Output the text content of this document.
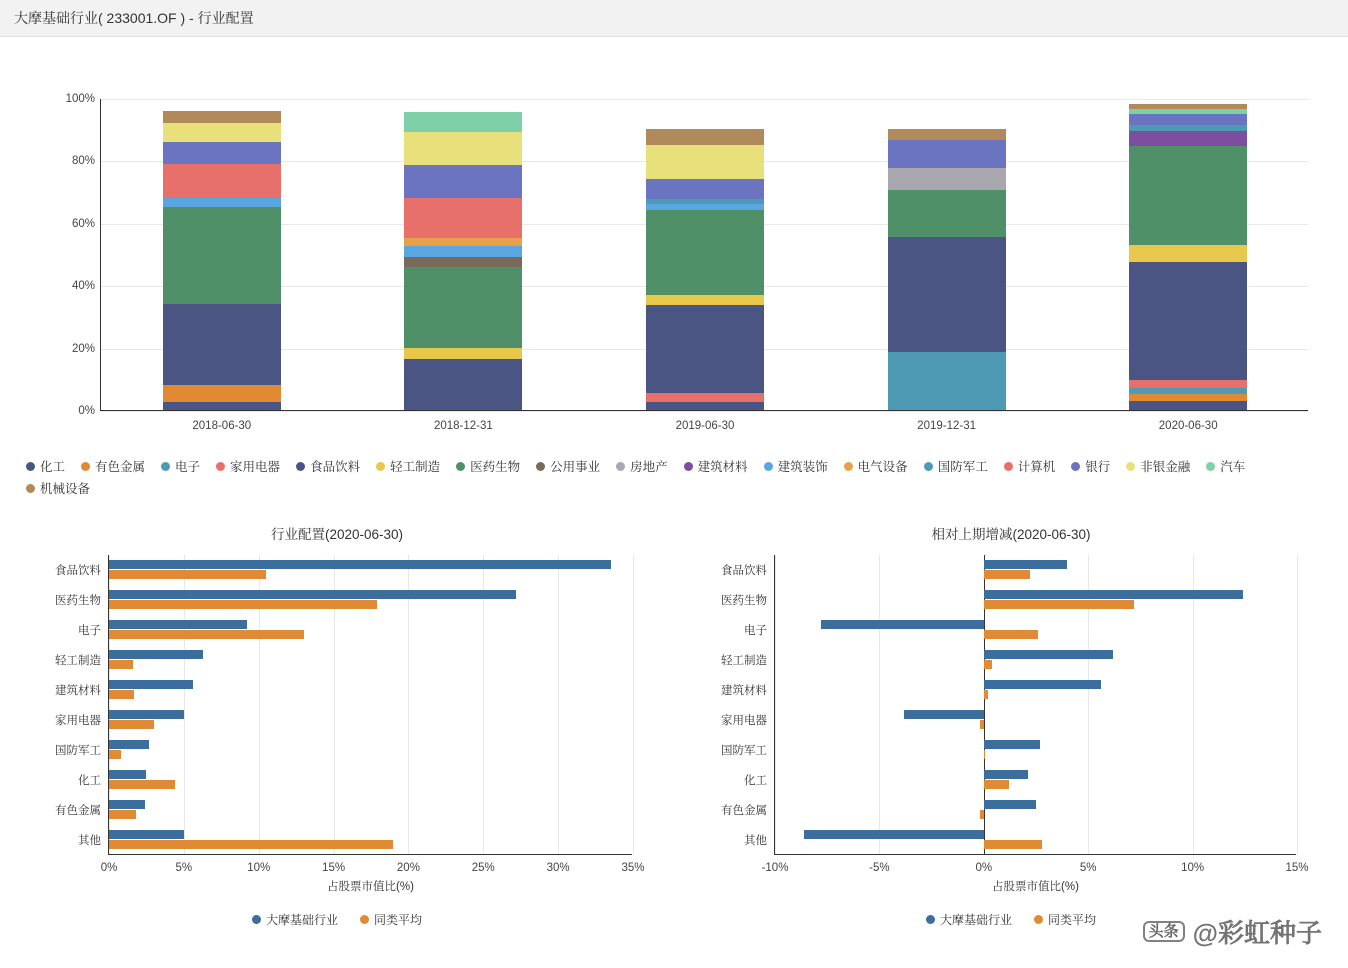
大摩基础行业( 233001.OF ) - 行业配置
0%
20%
40%
60%
80%
100%
2018-06-30	2018-12-31	2019-06-30	2019-12-31	2020-06-30
化工 有色金属 电子 家用电器 食品饮料 轻工制造 医药生物 公用事业 房地产 建筑材料 建筑装饰 电气设备 国防军工 计算机 银行 非银金融 汽车
机械设备
行业配置(2020-06-30)
0%	5%	10%	15%	20%	25%	30%	35%
食品饮料
医药生物
电子
轻工制造
建筑材料
家用电器
国防军工
化工
有色金属
其他
占股票市值比(%)
大摩基础行业	同类平均
相对上期增减(2020-06-30)
-10%	-5%	0%	5%	10%	15%
食品饮料
医药生物
电子
轻工制造
建筑材料
家用电器
国防军工
化工
有色金属
其他
占股票市值比(%)
大摩基础行业	同类平均
头条 @彩虹种子
